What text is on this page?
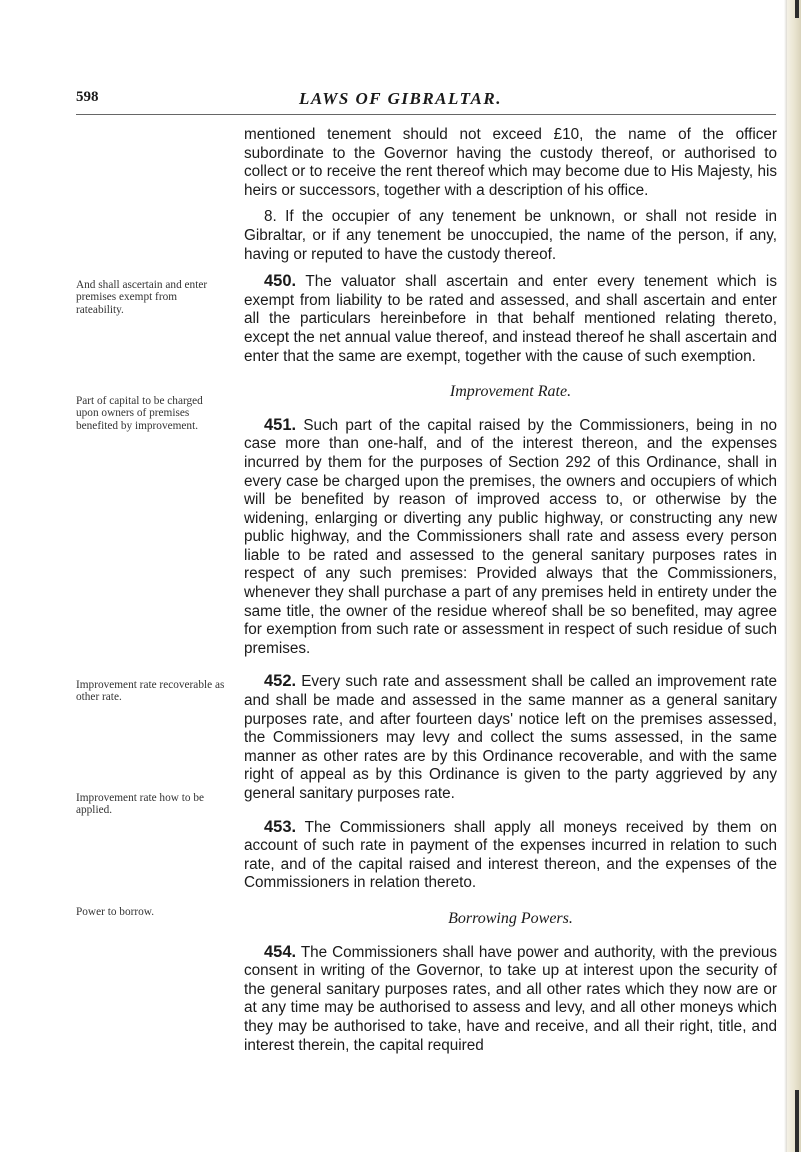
598	LAWS OF GIBRALTAR.

mentioned tenement should not exceed £10, the name of the officer subordinate to the Governor having the custody thereof, or authorised to collect or to receive the rent thereof which may become due to His Majesty, his heirs or successors, together with a description of his office.

8. If the occupier of any tenement be unknown, or shall not reside in Gibraltar, or if any tenement be unoccupied, the name of the person, if any, having or reputed to have the custody thereof.

450. The valuator shall ascertain and enter every tenement which is exempt from liability to be rated and assessed, and shall ascertain and enter all the particulars hereinbefore in that behalf mentioned relating thereto, except the net annual value thereof, and instead thereof he shall ascertain and enter that the same are exempt, together with the cause of such exemption.

Improvement Rate.

451. Such part of the capital raised by the Commissioners, being in no case more than one-half, and of the interest thereon, and the expenses incurred by them for the purposes of Section 292 of this Ordinance, shall in every case be charged upon the premises, the owners and occupiers of which will be benefited by reason of improved access to, or otherwise by the widening, enlarging or diverting any public highway, or constructing any new public highway, and the Commissioners shall rate and assess every person liable to be rated and assessed to the general sanitary purposes rates in respect of any such premises: Provided always that the Commissioners, whenever they shall purchase a part of any premises held in entirety under the same title, the owner of the residue whereof shall be so benefited, may agree for exemption from such rate or assessment in respect of such residue of such premises.

452. Every such rate and assessment shall be called an improvement rate and shall be made and assessed in the same manner as a general sanitary purposes rate, and after fourteen days' notice left on the premises assessed, the Commissioners may levy and collect the sums assessed, in the same manner as other rates are by this Ordinance recoverable, and with the same right of appeal as by this Ordinance is given to the party aggrieved by any general sanitary purposes rate.

453. The Commissioners shall apply all moneys received by them on account of such rate in payment of the expenses incurred in relation to such rate, and of the capital raised and interest thereon, and the expenses of the Commissioners in relation thereto.

Borrowing Powers.

454. The Commissioners shall have power and authority, with the previous consent in writing of the Governor, to take up at interest upon the security of the general sanitary purposes rates, and all other rates which they now are or at any time may be authorised to assess and levy, and all other moneys which they may be authorised to take, have and receive, and all their right, title, and interest therein, the capital required

And shall ascertain and enter premises exempt from rateability.
Part of capital to be charged upon owners of premises benefited by improvement.
Improvement rate recoverable as other rate.
Improvement rate how to be applied.
Power to borrow.
